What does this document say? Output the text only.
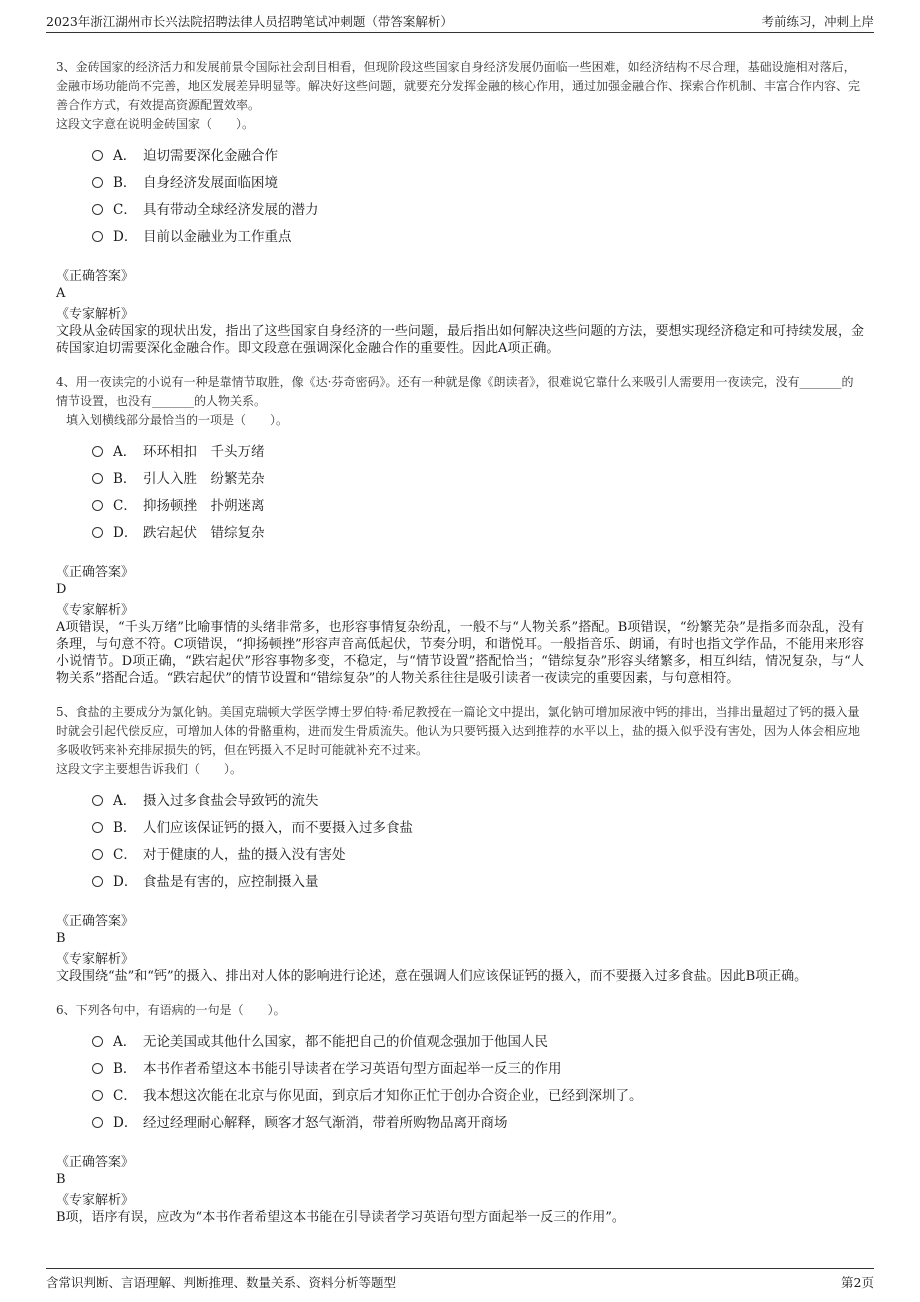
2023年浙江湖州市长兴法院招聘法律人员招聘笔试冲刺题（带答案解析）	考前练习，冲刺上岸

3、金砖国家的经济活力和发展前景令国际社会刮目相看，但现阶段这些国家自身经济发展仍面临一些困难，如经济结构不尽合理，基础设施相对落后，金融市场功能尚不完善，地区发展差异明显等。解决好这些问题，就要充分发挥金融的核心作用，通过加强金融合作、探索合作机制、丰富合作内容、完善合作方式，有效提高资源配置效率。

这段文字意在说明金砖国家（　　）。

A． 迫切需要深化金融合作
B． 自身经济发展面临困境
C． 具有带动全球经济发展的潜力
D． 目前以金融业为工作重点

《正确答案》

A

《专家解析》

文段从金砖国家的现状出发，指出了这些国家自身经济的一些问题，最后指出如何解决这些问题的方法，要想实现经济稳定和可持续发展，金砖国家迫切需要深化金融合作。即文段意在强调深化金融合作的重要性。因此A项正确。

4、用一夜读完的小说有一种是靠情节取胜，像《达·芬奇密码》。还有一种就是像《朗读者》，很难说它靠什么来吸引人需要用一夜读完，没有_______的情节设置，也没有_______的人物关系。

填入划横线部分最恰当的一项是（　　）。

A． 环环相扣　千头万绪
B． 引人入胜　纷繁芜杂
C． 抑扬顿挫　扑朔迷离
D． 跌宕起伏　错综复杂

《正确答案》

D

《专家解析》

A项错误，“千头万绪”比喻事情的头绪非常多，也形容事情复杂纷乱，一般不与“人物关系”搭配。B项错误，“纷繁芜杂”是指多而杂乱，没有条理，与句意不符。C项错误，“抑扬顿挫”形容声音高低起伏，节奏分明，和谐悦耳。一般指音乐、朗诵，有时也指文学作品，不能用来形容小说情节。D项正确，“跌宕起伏”形容事物多变，不稳定，与“情节设置”搭配恰当；“错综复杂”形容头绪繁多，相互纠结，情况复杂，与“人物关系”搭配合适。“跌宕起伏”的情节设置和“错综复杂”的人物关系往往是吸引读者一夜读完的重要因素，与句意相符。

5、食盐的主要成分为氯化钠。美国克瑞顿大学医学博士罗伯特·希尼教授在一篇论文中提出，氯化钠可增加尿液中钙的排出，当排出量超过了钙的摄入量时就会引起代偿反应，可增加人体的骨骼重构，进而发生骨质流失。他认为只要钙摄入达到推荐的水平以上，盐的摄入似乎没有害处，因为人体会相应地多吸收钙来补充排尿损失的钙，但在钙摄入不足时可能就补充不过来。

这段文字主要想告诉我们（　　）。

A． 摄入过多食盐会导致钙的流失
B． 人们应该保证钙的摄入，而不要摄入过多食盐
C． 对于健康的人，盐的摄入没有害处
D． 食盐是有害的，应控制摄入量

《正确答案》

B

《专家解析》

文段围绕“盐”和“钙”的摄入、排出对人体的影响进行论述，意在强调人们应该保证钙的摄入，而不要摄入过多食盐。因此B项正确。

6、下列各句中，有语病的一句是（　　）。

A． 无论美国或其他什么国家，都不能把自己的价值观念强加于他国人民
B． 本书作者希望这本书能引导读者在学习英语句型方面起举一反三的作用
C． 我本想这次能在北京与你见面，到京后才知你正忙于创办合资企业，已经到深圳了。
D． 经过经理耐心解释，顾客才怒气渐消，带着所购物品离开商场

《正确答案》

B

《专家解析》

B项，语序有误，应改为“本书作者希望这本书能在引导读者学习英语句型方面起举一反三的作用”。

含常识判断、言语理解、判断推理、数量关系、资料分析等题型	第2页
